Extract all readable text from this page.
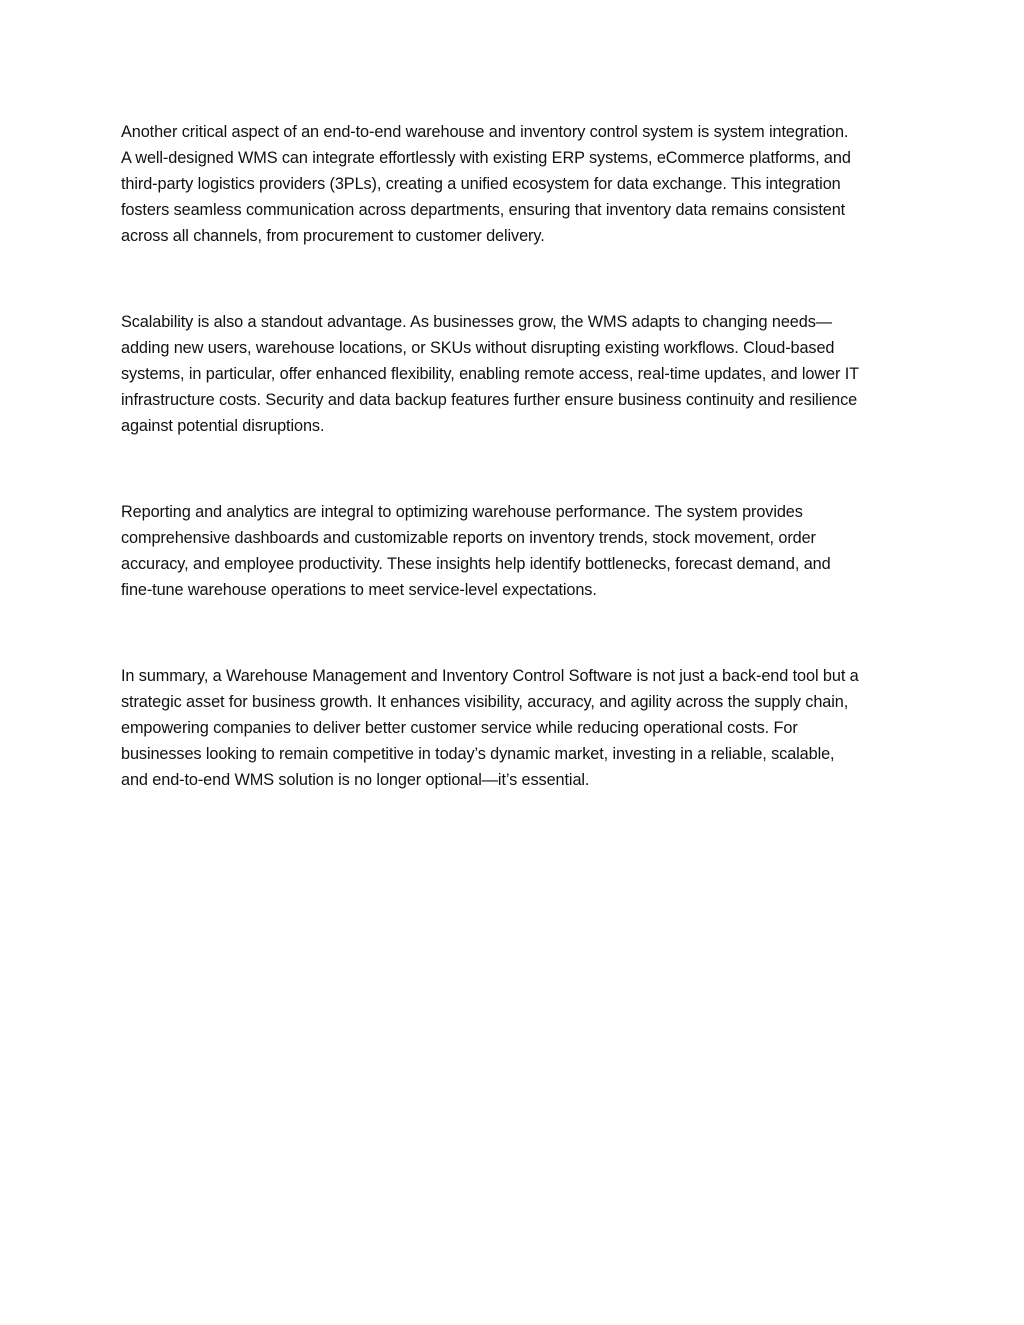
Another critical aspect of an end-to-end warehouse and inventory control system is system integration.
A well-designed WMS can integrate effortlessly with existing ERP systems, eCommerce platforms, and
third-party logistics providers (3PLs), creating a unified ecosystem for data exchange. This integration
fosters seamless communication across departments, ensuring that inventory data remains consistent
across all channels, from procurement to customer delivery.

Scalability is also a standout advantage. As businesses grow, the WMS adapts to changing needs—
adding new users, warehouse locations, or SKUs without disrupting existing workflows. Cloud-based
systems, in particular, offer enhanced flexibility, enabling remote access, real-time updates, and lower IT
infrastructure costs. Security and data backup features further ensure business continuity and resilience
against potential disruptions.

Reporting and analytics are integral to optimizing warehouse performance. The system provides
comprehensive dashboards and customizable reports on inventory trends, stock movement, order
accuracy, and employee productivity. These insights help identify bottlenecks, forecast demand, and
fine-tune warehouse operations to meet service-level expectations.

In summary, a Warehouse Management and Inventory Control Software is not just a back-end tool but a
strategic asset for business growth. It enhances visibility, accuracy, and agility across the supply chain,
empowering companies to deliver better customer service while reducing operational costs. For
businesses looking to remain competitive in today’s dynamic market, investing in a reliable, scalable,
and end-to-end WMS solution is no longer optional—it’s essential.
